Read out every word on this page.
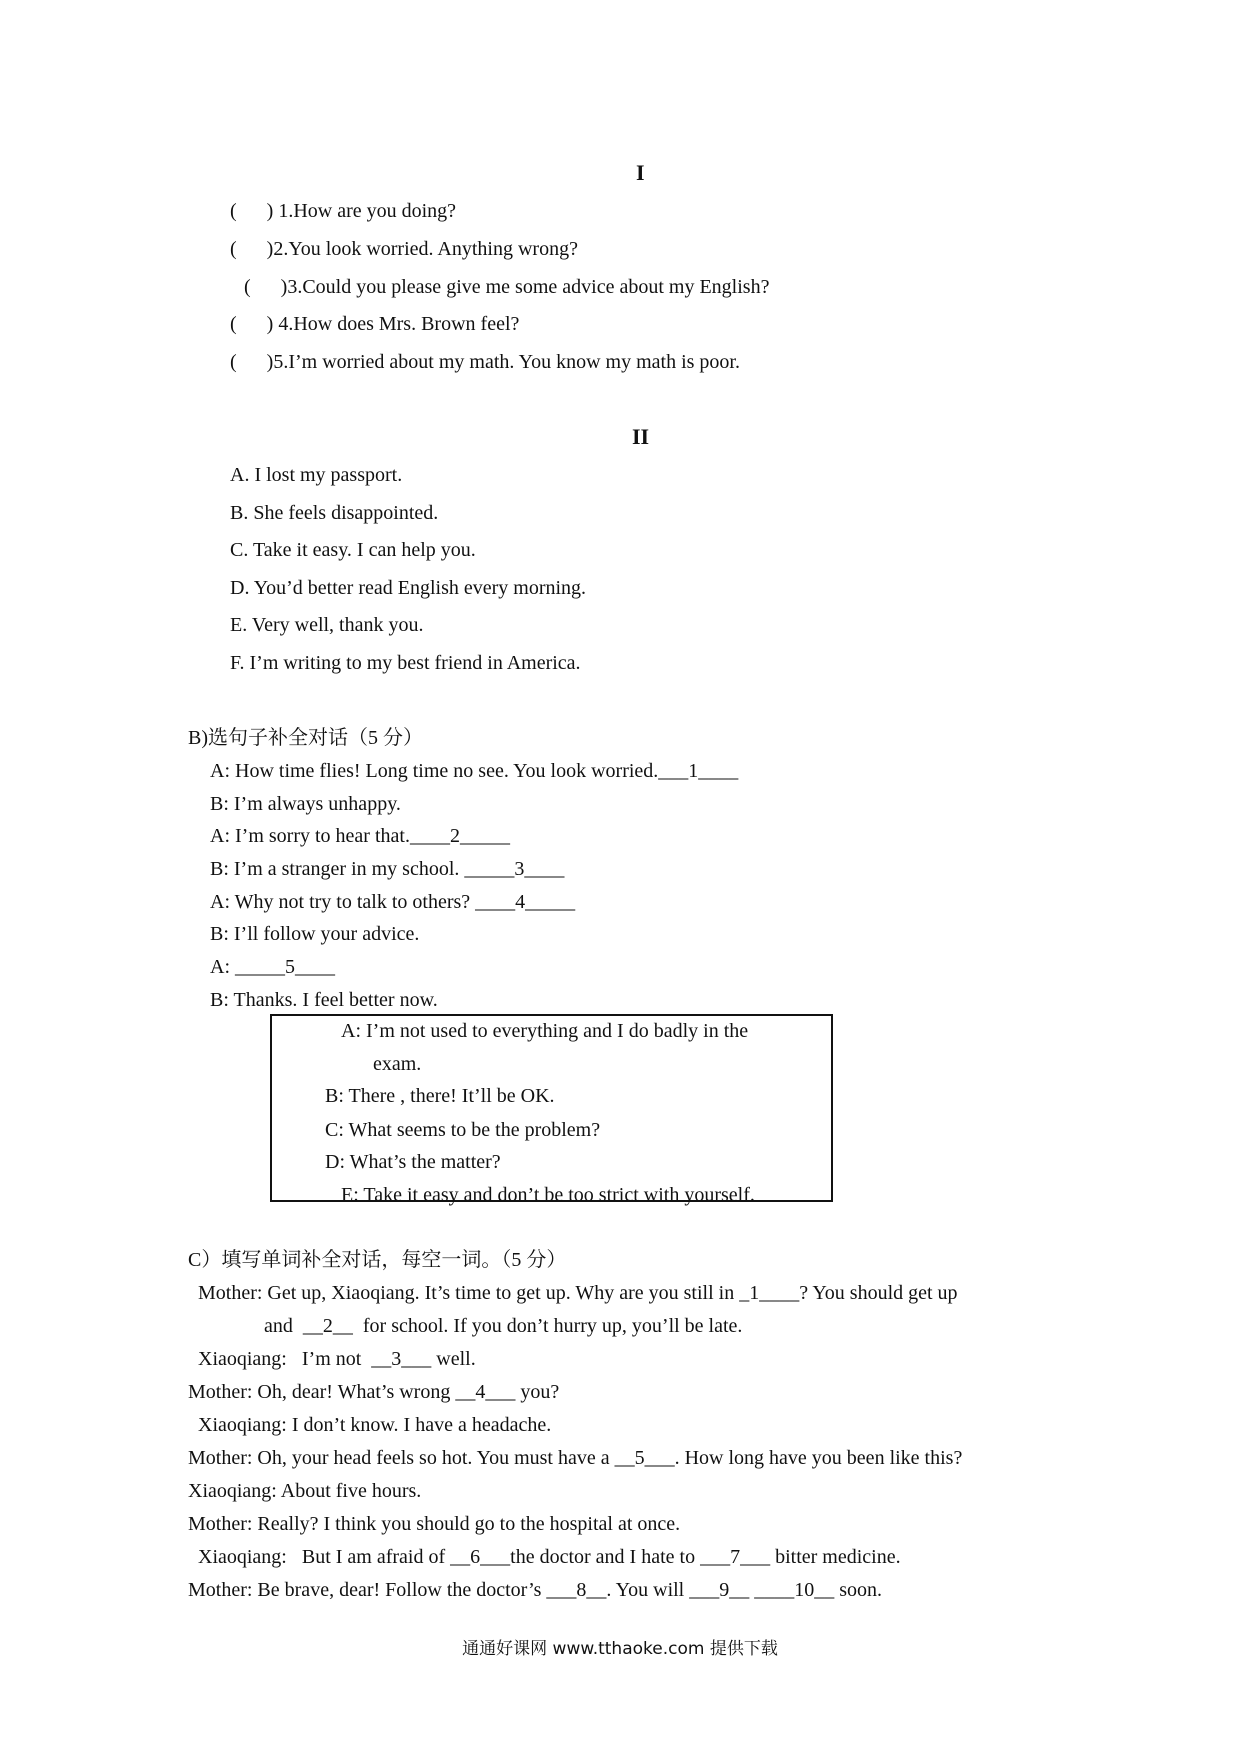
I
(      ) 1.How are you doing?
(      )2.You look worried. Anything wrong?
(      )3.Could you please give me some advice about my English?
(      ) 4.How does Mrs. Brown feel?
(      )5.I’m worried about my math. You know my math is poor.
II
A. I lost my passport.
B. She feels disappointed.
C. Take it easy. I can help you.
D. You’d better read English every morning.
E. Very well, thank you.
F. I’m writing to my best friend in America.
B)选句子补全对话（5 分）
A: How time flies! Long time no see. You look worried.___1____
B: I’m always unhappy.
A: I’m sorry to hear that.____2_____
B: I’m a stranger in my school. _____3____
A: Why not try to talk to others? ____4_____
B: I’ll follow your advice.
A: _____5____
B: Thanks. I feel better now.
A: I’m not used to everything and I do badly in the
exam.
B: There , there! It’ll be OK.
C: What seems to be the problem?
D: What’s the matter?
E: Take it easy and don’t be too strict with yourself.
C）填写单词补全对话，每空一词。（5 分）
Mother: Get up, Xiaoqiang. It’s time to get up. Why are you still in _1____? You should get up
and  __2__  for school. If you don’t hurry up, you’ll be late.
Xiaoqiang:   I’m not  __3___ well.
Mother: Oh, dear! What’s wrong __4___ you?
Xiaoqiang: I don’t know. I have a headache.
Mother: Oh, your head feels so hot. You must have a __5___. How long have you been like this?
Xiaoqiang: About five hours.
Mother: Really? I think you should go to the hospital at once.
Xiaoqiang:   But I am afraid of __6___the doctor and I hate to ___7___ bitter medicine.
Mother: Be brave, dear! Follow the doctor’s ___8__. You will ___9__ ____10__ soon.
通通好课网 www.tthaoke.com 提供下载
